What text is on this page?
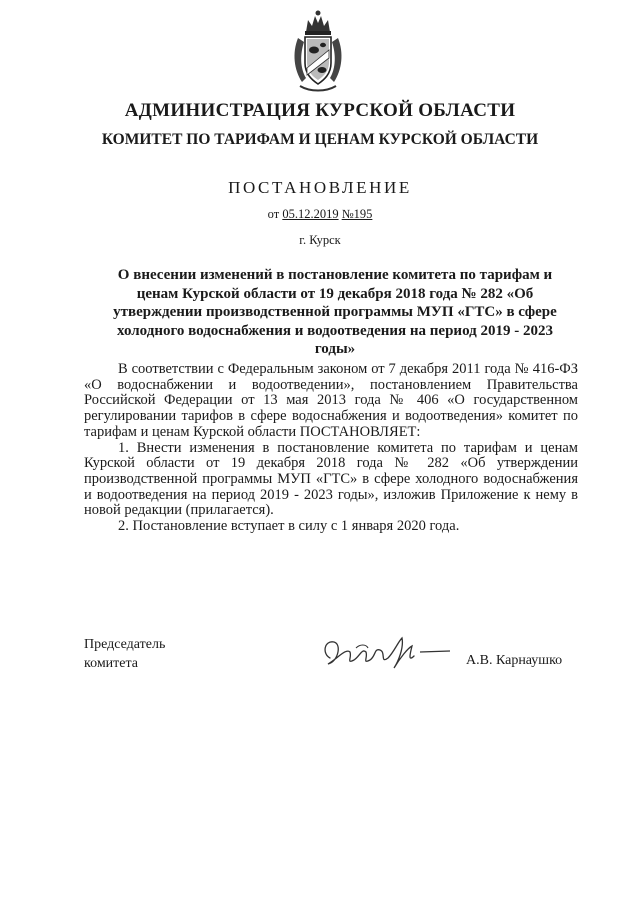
АДМИНИСТРАЦИЯ КУРСКОЙ ОБЛАСТИ
КОМИТЕТ ПО ТАРИФАМ И ЦЕНАМ КУРСКОЙ ОБЛАСТИ
ПОСТАНОВЛЕНИЕ
от 05.12.2019 №195
г. Курск
О внесении изменений в постановление комитета по тарифам и ценам Курской области от 19 декабря 2018 года № 282 «Об утверждении производственной программы МУП «ГТС» в сфере холодного водоснабжения и водоотведения на период 2019 - 2023 годы»

В соответствии с Федеральным законом от 7 декабря 2011 года № 416-ФЗ «О водоснабжении и водоотведении», постановлением Правительства Российской Федерации от 13 мая 2013 года № 406 «О государственном регулировании тарифов в сфере водоснабжения и водоотведения» комитет по тарифам и ценам Курской области ПОСТАНОВЛЯЕТ:

1. Внести изменения в постановление комитета по тарифам и ценам Курской области от 19 декабря 2018 года № 282 «Об утверждении производственной программы МУП «ГТС» в сфере холодного водоснабжения и водоотведения на период 2019 - 2023 годы», изложив Приложение к нему в новой редакции (прилагается).

2. Постановление вступает в силу с 1 января 2020 года.

Председатель
комитета	А.В. Карнаушко
